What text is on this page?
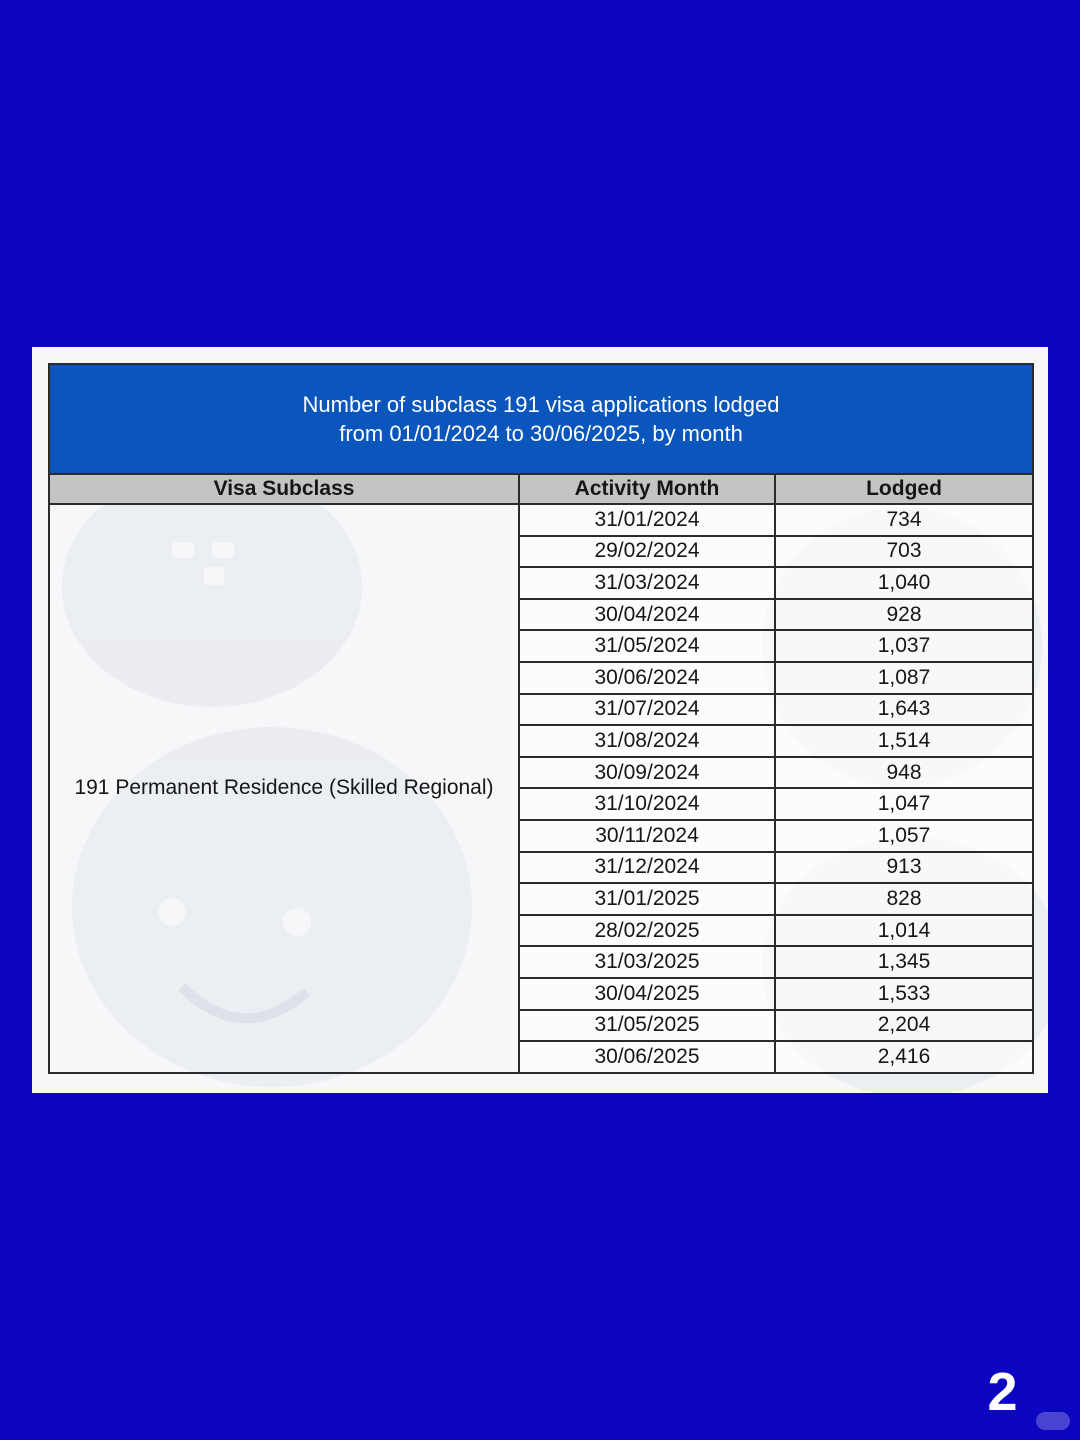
Number of subclass 191 visa applications lodged
from 01/01/2024 to 30/06/2025, by month		

Visa Subclass	Activity Month	Lodged
191 Permanent Residence (Skilled Regional)	31/01/2024	734
	29/02/2024	703
	31/03/2024	1,040
	30/04/2024	928
	31/05/2024	1,037
	30/06/2024	1,087
	31/07/2024	1,643
	31/08/2024	1,514
	30/09/2024	948
	31/10/2024	1,047
	30/11/2024	1,057
	31/12/2024	913
	31/01/2025	828
	28/02/2025	1,014
	31/03/2025	1,345
	30/04/2025	1,533
	31/05/2025	2,204
	30/06/2025	2,416
2
